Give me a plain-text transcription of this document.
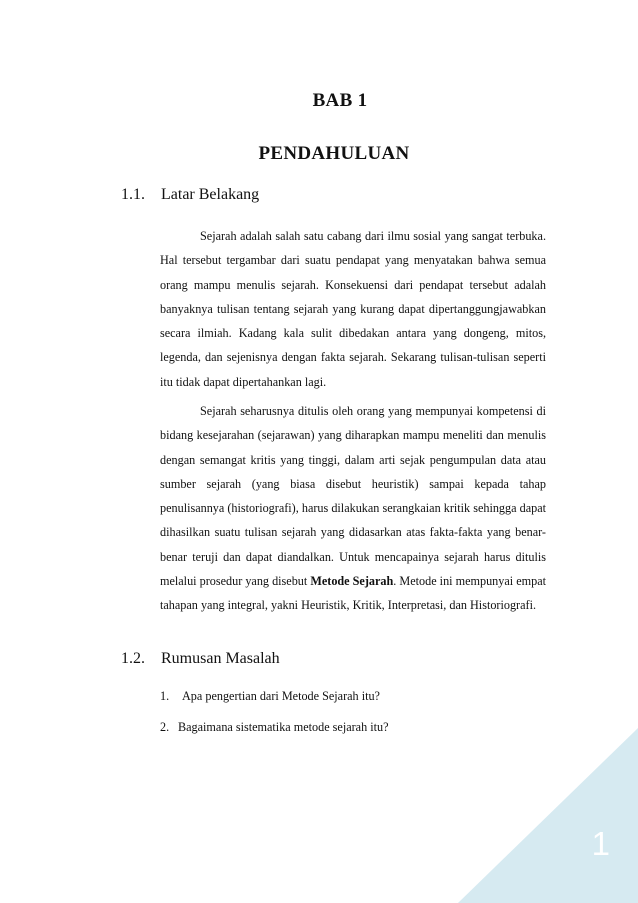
BAB 1
PENDAHULUAN
1.1. Latar Belakang

Sejarah adalah salah satu cabang dari ilmu sosial yang sangat terbuka. Hal tersebut tergambar dari suatu pendapat yang menyatakan bahwa semua orang mampu menulis sejarah. Konsekuensi dari pendapat tersebut adalah banyaknya tulisan tentang sejarah yang kurang dapat dipertanggungjawabkan secara ilmiah. Kadang kala sulit dibedakan antara yang dongeng, mitos, legenda, dan sejenisnya dengan fakta sejarah. Sekarang tulisan-tulisan seperti itu tidak dapat dipertahankan lagi.

Sejarah seharusnya ditulis oleh orang yang mempunyai kompetensi di bidang kesejarahan (sejarawan) yang diharapkan mampu meneliti dan menulis dengan semangat kritis yang tinggi, dalam arti sejak pengumpulan data atau sumber sejarah (yang biasa disebut heuristik) sampai kepada tahap penulisannya (historiografi), harus dilakukan serangkaian kritik sehingga dapat dihasilkan suatu tulisan sejarah yang didasarkan atas fakta-fakta yang benar-benar teruji dan dapat diandalkan. Untuk mencapainya sejarah harus ditulis melalui prosedur yang disebut Metode Sejarah. Metode ini mempunyai empat tahapan yang integral, yakni Heuristik, Kritik, Interpretasi, dan Historiografi.

1.2. Rumusan Masalah
1. Apa pengertian dari Metode Sejarah itu?
2. Bagaimana sistematika metode sejarah itu?
1
